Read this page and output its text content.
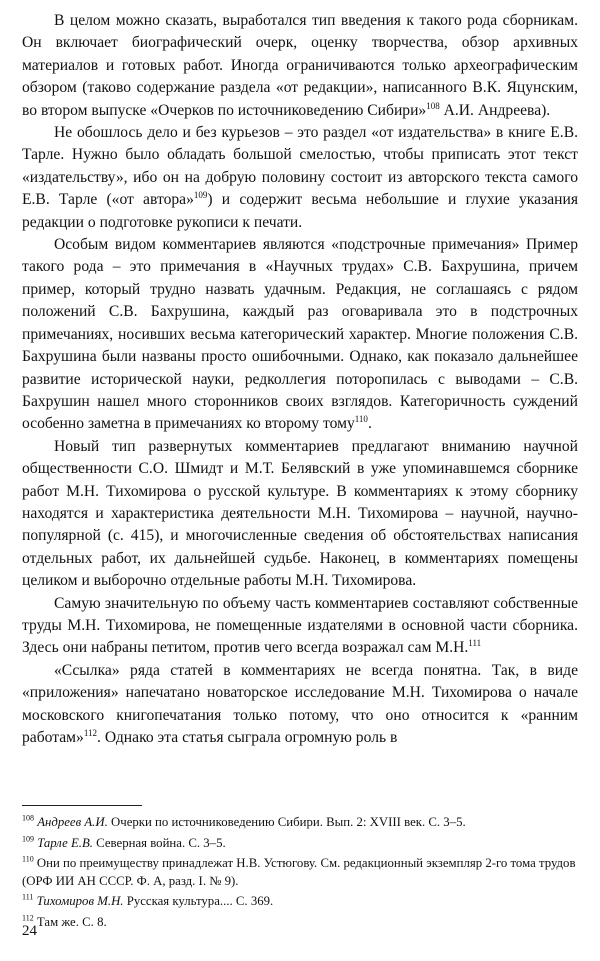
В целом можно сказать, выработался тип введения к такого рода сборникам. Он включает биографический очерк, оценку творчества, обзор архивных материалов и готовых работ. Иногда ограничиваются только археографическим обзором (таково содержание раздела «от редакции», написанного В.К. Яцунским, во втором выпуске «Очерков по источниковедению Сибири»$^{108}$ А.И. Андреева).

Не обошлось дело и без курьезов – это раздел «от издательства» в книге Е.В. Тарле. Нужно было обладать большой смелостью, чтобы приписать этот текст «издательству», ибо он на добрую половину состоит из авторского текста самого Е.В. Тарле («от автора»$^{109}$) и содержит весьма небольшие и глухие указания редакции о подготовке рукописи к печати.

Особым видом комментариев являются «подстрочные примечания» Пример такого рода – это примечания в «Научных трудах» С.В. Бахрушина, причем пример, который трудно назвать удачным. Редакция, не соглашаясь с рядом положений С.В. Бахрушина, каждый раз оговаривала это в подстрочных примечаниях, носивших весьма категорический характер. Многие положения С.В. Бахрушина были названы просто ошибочными. Однако, как показало дальнейшее развитие исторической науки, редколлегия поторопилась с выводами – С.В. Бахрушин нашел много сторонников своих взглядов. Категоричность суждений особенно заметна в примечаниях ко второму тому$^{110}$.

Новый тип развернутых комментариев предлагают вниманию научной общественности С.О. Шмидт и М.Т. Белявский в уже упоминавшемся сборнике работ М.Н. Тихомирова о русской культуре. В комментариях к этому сборнику находятся и характеристика деятельности М.Н. Тихомирова – научной, научно-популярной (с. 415), и многочисленные сведения об обстоятельствах написания отдельных работ, их дальнейшей судьбе. Наконец, в комментариях помещены целиком и выборочно отдельные работы М.Н. Тихомирова.

Самую значительную по объему часть комментариев составляют собственные труды М.Н. Тихомирова, не помещенные издателями в основной части сборника. Здесь они набраны петитом, против чего всегда возражал сам М.Н.$^{111}$

«Ссылка» ряда статей в комментариях не всегда понятна. Так, в виде «приложения» напечатано новаторское исследование М.Н. Тихомирова о начале московского книгопечатания только потому, что оно относится к «ранним работам»$^{112}$. Однако эта статья сыграла огромную роль в

$^{108}$ Андреев А.И. Очерки по источниковедению Сибири. Вып. 2: XVIII век. С. 3–5.

$^{109}$ Тарле Е.В. Северная война. С. 3–5.

$^{110}$ Они по преимуществу принадлежат Н.В. Устюгову. См. редакционный экземпляр 2-го тома трудов (ОРФ ИИ АН СССР. Ф. А, разд. I. № 9).

$^{111}$ Тихомиров М.Н. Русская культура.... С. 369.

$^{112}$ Там же. С. 8.

24
